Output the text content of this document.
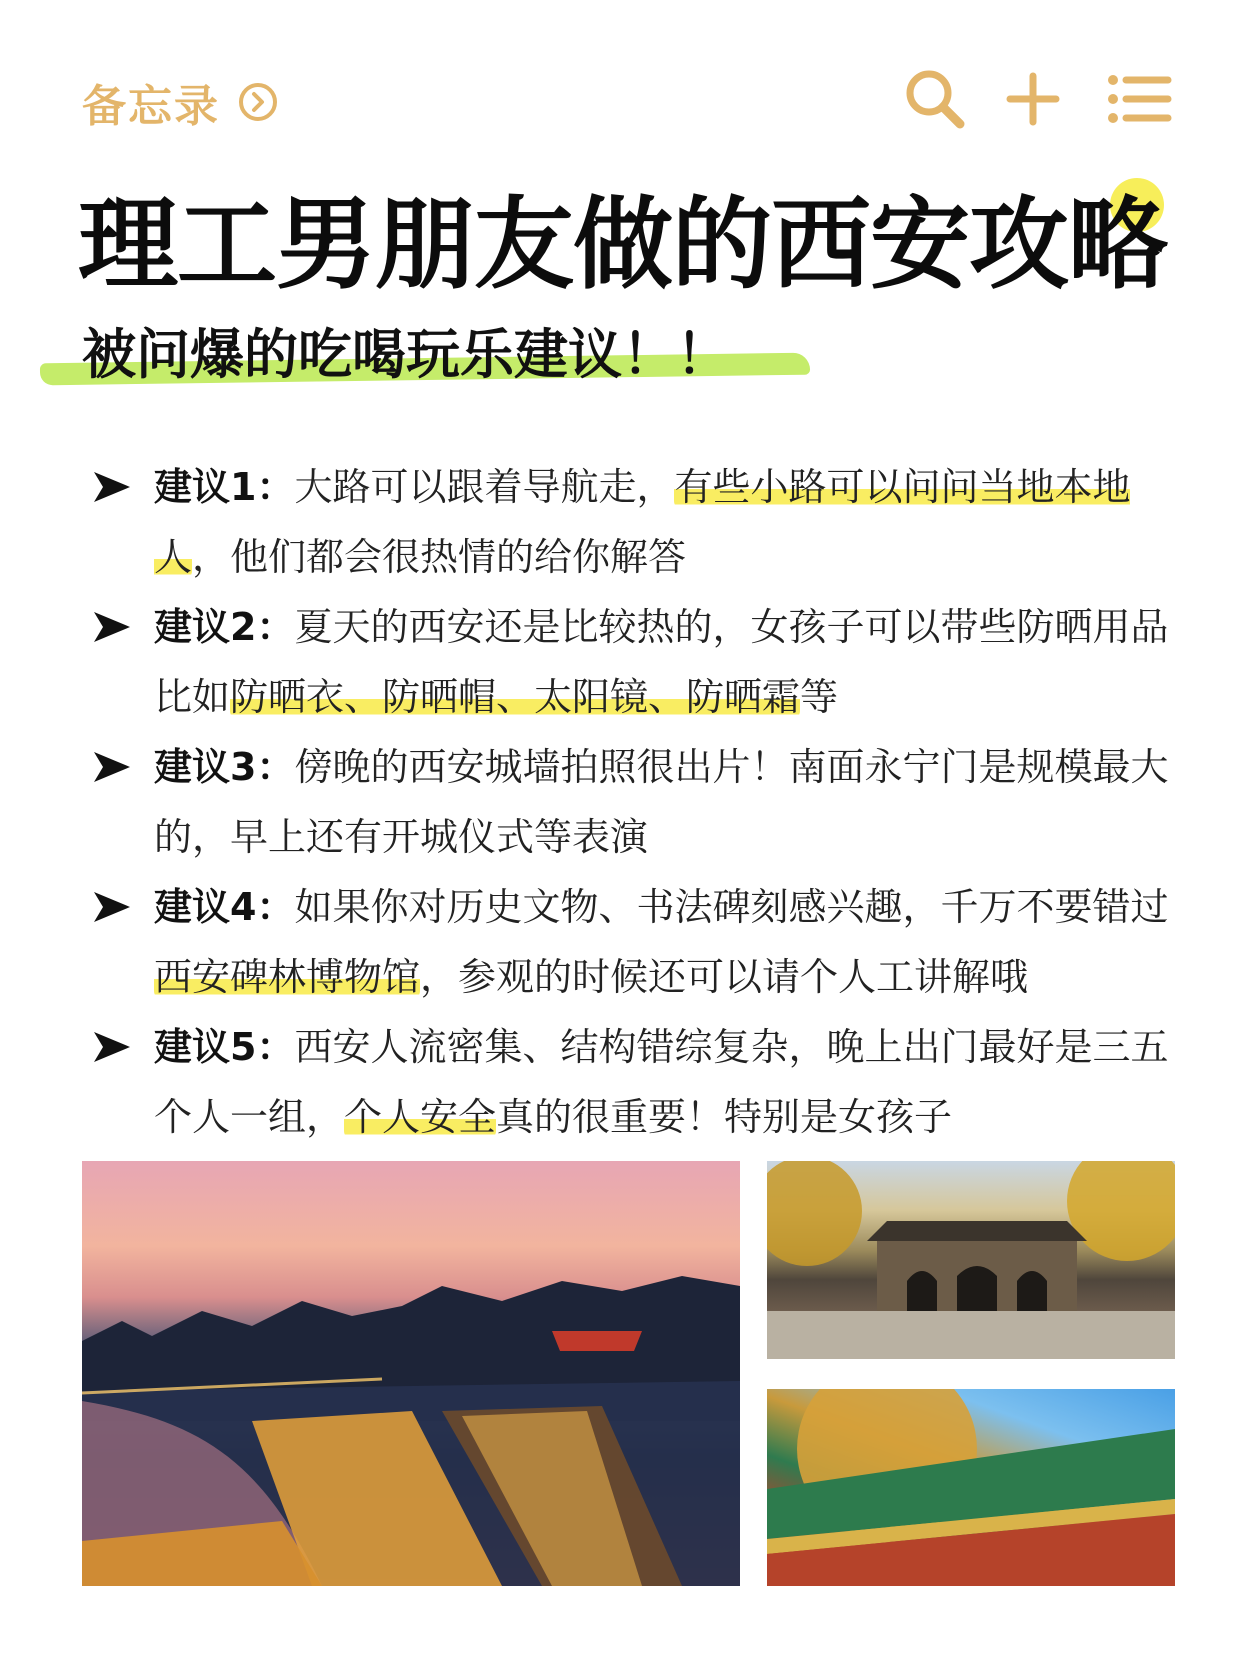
备忘录
理工男朋友做的西安攻略
被问爆的吃喝玩乐建议！！
建议1：大路可以跟着导航走，有些小路可以问问当地本地人，他们都会很热情的给你解答
建议2：夏天的西安还是比较热的，女孩子可以带些防晒用品比如防晒衣、防晒帽、太阳镜、防晒霜等
建议3：傍晚的西安城墙拍照很出片！南面永宁门是规模最大的，早上还有开城仪式等表演
建议4：如果你对历史文物、书法碑刻感兴趣，千万不要错过西安碑林博物馆，参观的时候还可以请个人工讲解哦
建议5：西安人流密集、结构错综复杂，晚上出门最好是三五个人一组，个人安全真的很重要！特别是女孩子
